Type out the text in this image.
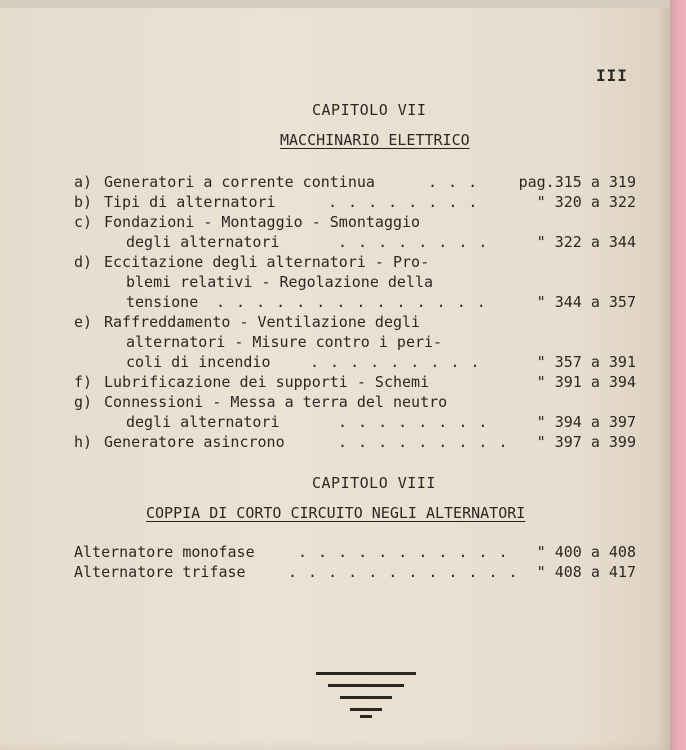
III
CAPITOLO VII
MACCHINARIO ELETTRICO
a) Generatori a corrente continua	. . .	pag.315 a 319
b) Tipi di alternatori	. . . . . . . .	" 320 a 322
c) Fondazioni - Montaggio - Smontaggio
degli alternatori	. . . . . . . .	" 322 a 344
d) Eccitazione degli alternatori - Pro-
blemi relativi - Regolazione della
tensione . . . . . . . . . . . . . .	" 344 a 357
e) Raffreddamento - Ventilazione degli
alternatori - Misure contro i peri-
coli di incendio	. . . . . . . . .	" 357 a 391
f) Lubrificazione dei supporti - Schemi	" 391 a 394
g) Connessioni - Messa a terra del neutro
degli alternatori	. . . . . . . .	" 394 a 397
h) Generatore asincrono	. . . . . . . . .	" 397 a 399
CAPITOLO VIII
COPPIA DI CORTO CIRCUITO NEGLI ALTERNATORI
Alternatore monofase	. . . . . . . . . . .	" 400 a 408
Alternatore trifase	. . . . . . . . . . . .	" 408 a 417
